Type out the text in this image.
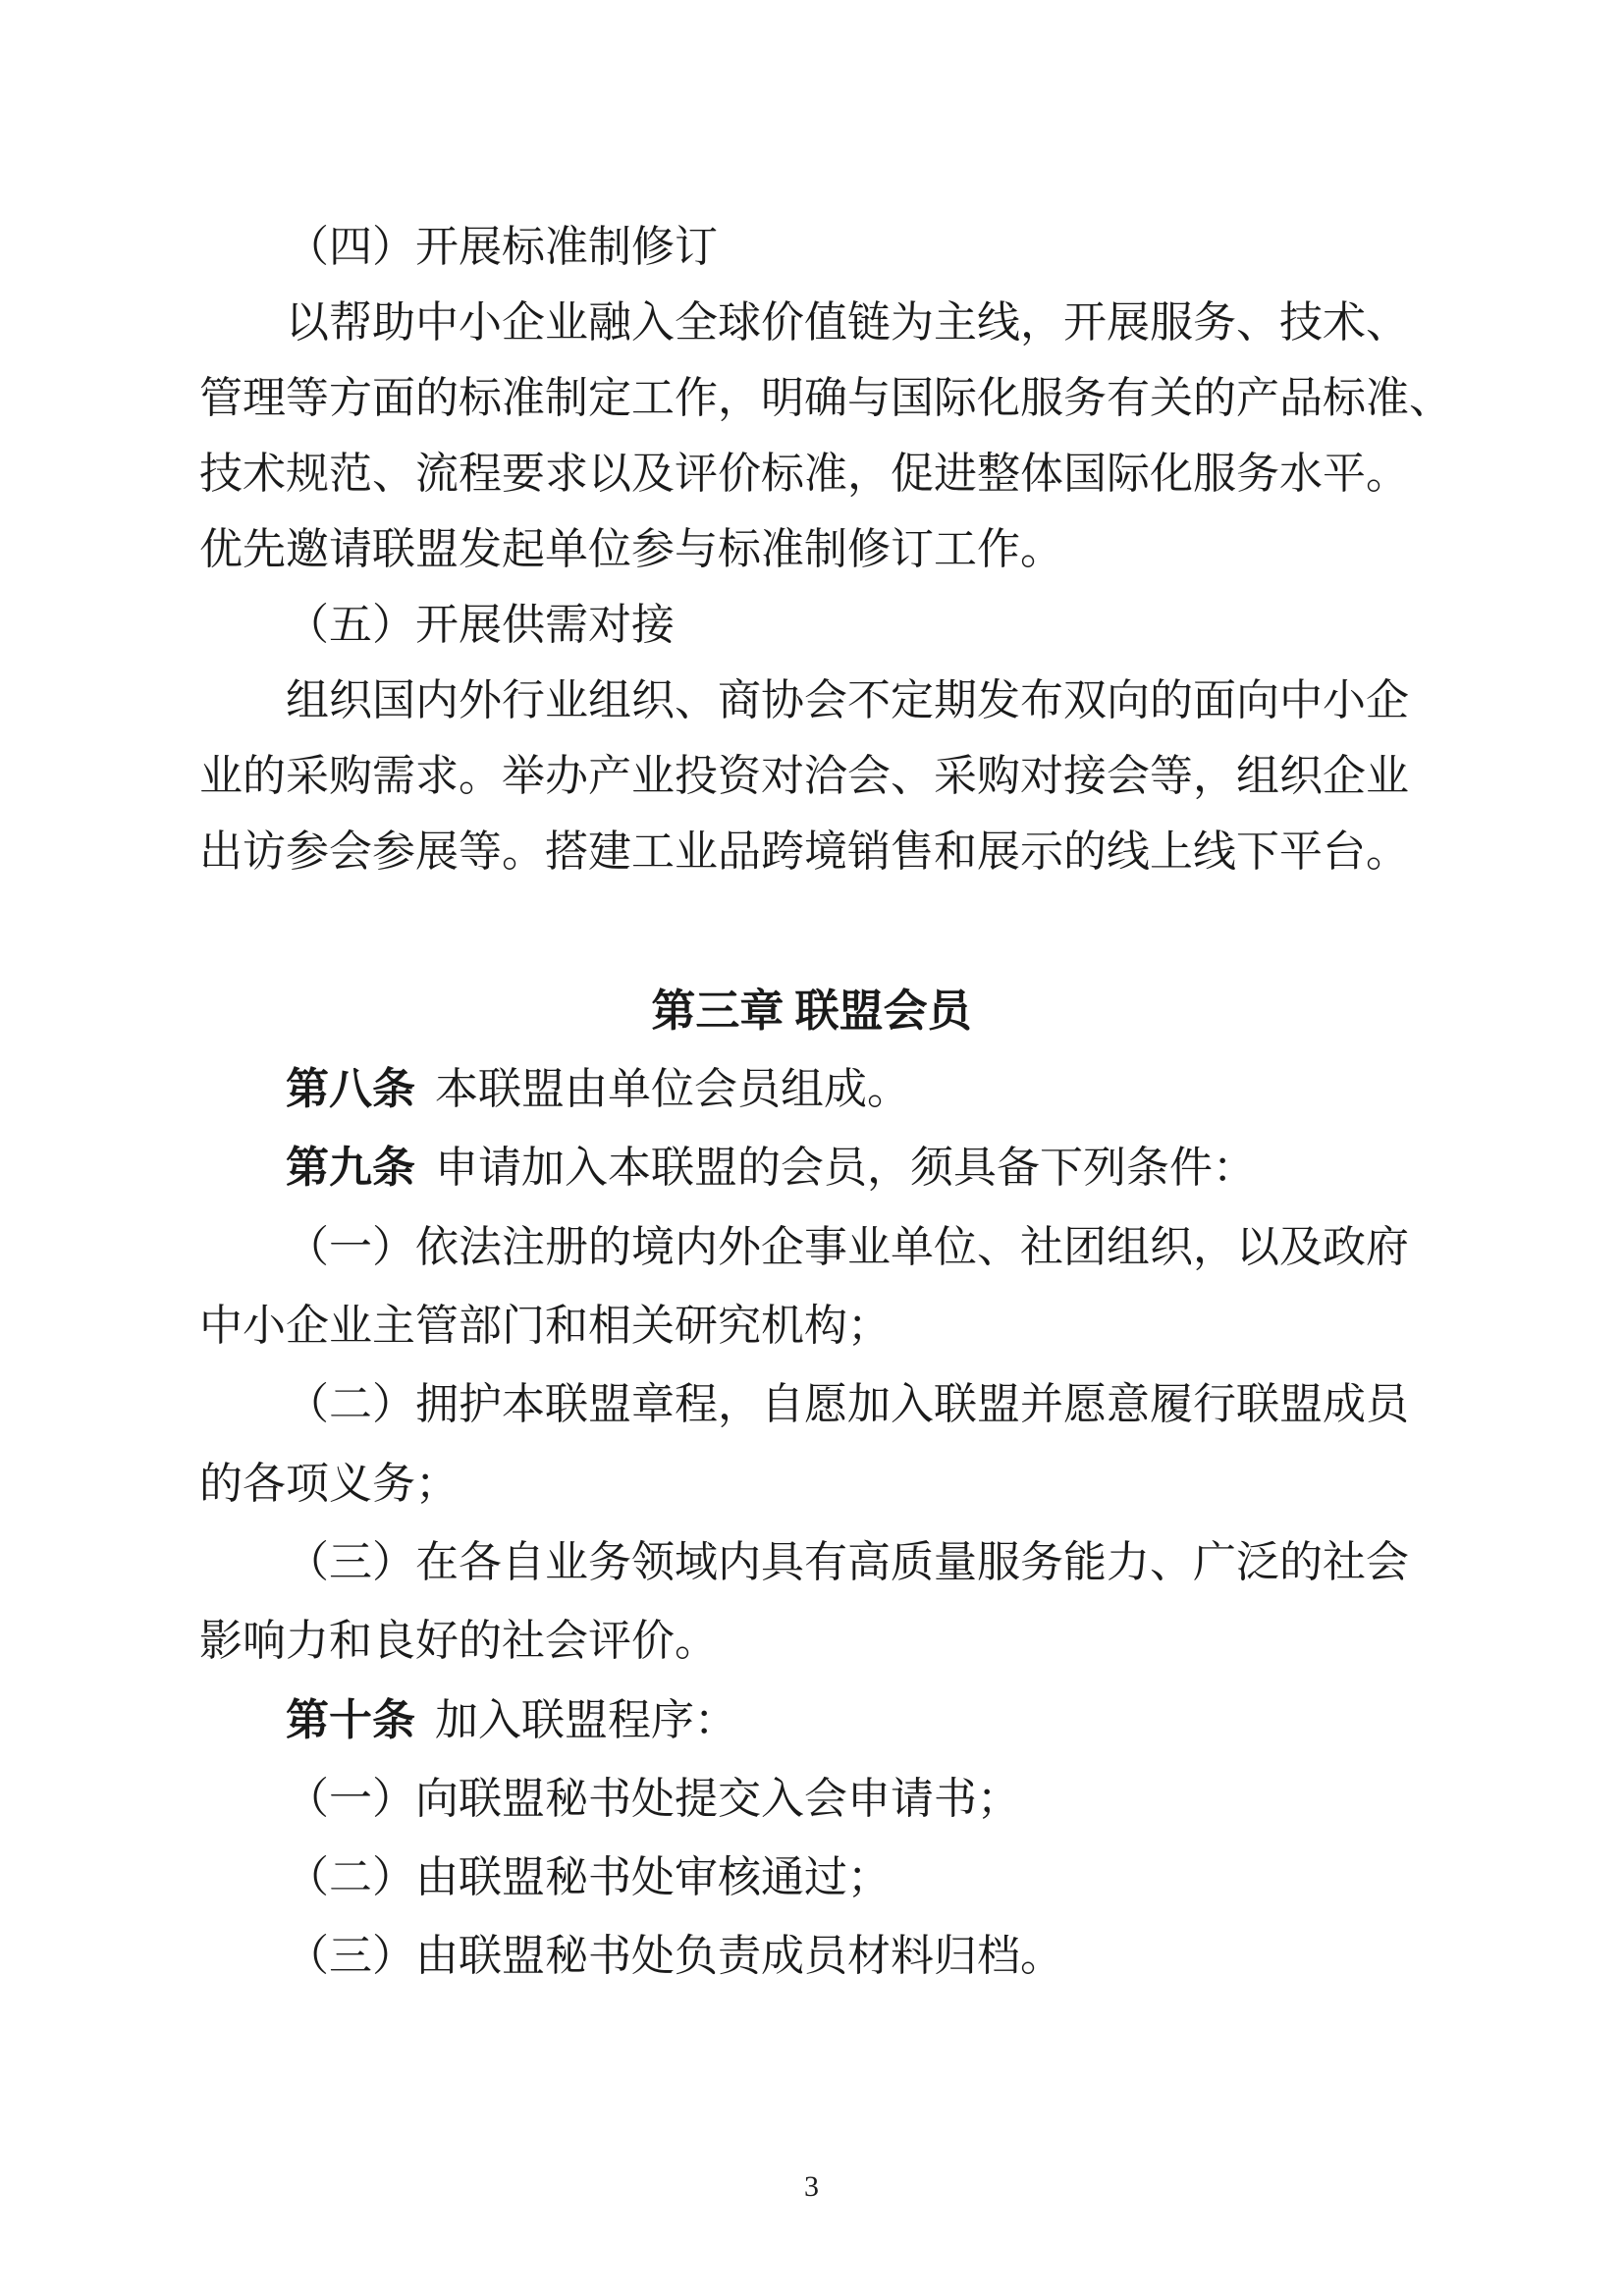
（四）开展标准制修订
以帮助中小企业融入全球价值链为主线，开展服务、技术、
管理等方面的标准制定工作，明确与国际化服务有关的产品标准、
技术规范、流程要求以及评价标准，促进整体国际化服务水平。
优先邀请联盟发起单位参与标准制修订工作。
（五）开展供需对接
组织国内外行业组织、商协会不定期发布双向的面向中小企
业的采购需求。举办产业投资对洽会、采购对接会等，组织企业
出访参会参展等。搭建工业品跨境销售和展示的线上线下平台。
第三章 联盟会员
第八条 本联盟由单位会员组成。
第九条 申请加入本联盟的会员，须具备下列条件：
（一）依法注册的境内外企事业单位、社团组织，以及政府
中小企业主管部门和相关研究机构；
（二）拥护本联盟章程，自愿加入联盟并愿意履行联盟成员
的各项义务；
（三）在各自业务领域内具有高质量服务能力、广泛的社会
影响力和良好的社会评价。
第十条 加入联盟程序：
（一）向联盟秘书处提交入会申请书；
（二）由联盟秘书处审核通过；
（三）由联盟秘书处负责成员材料归档。
3
